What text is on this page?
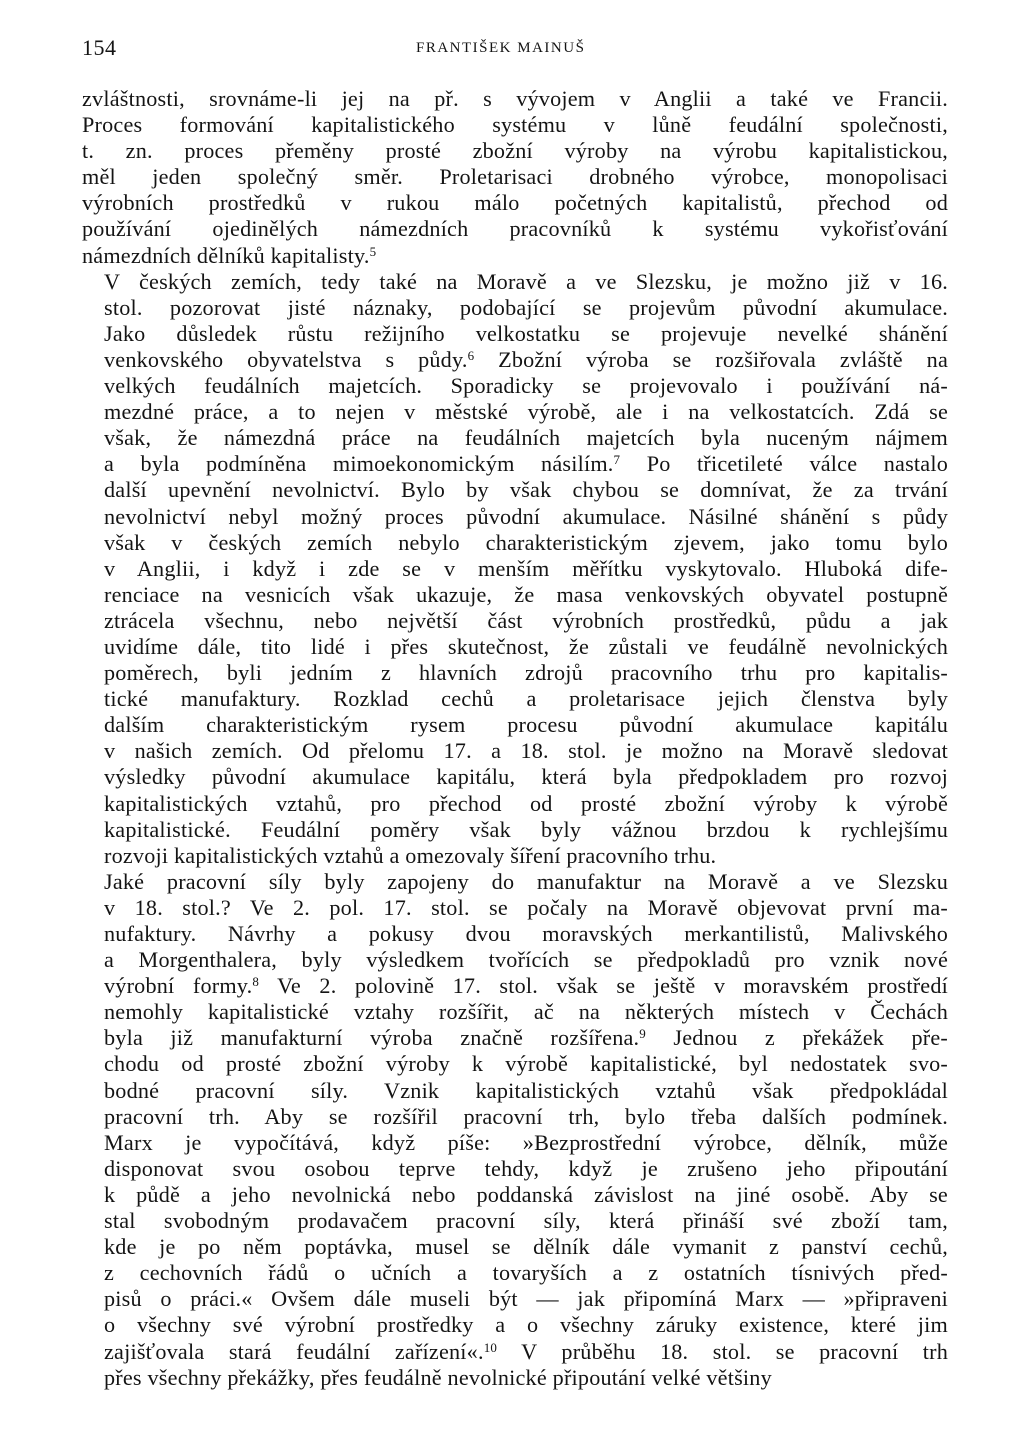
154	FRANTIŠEK MAINUŠ
zvláštnosti, srovnáme-li jej na př. s vývojem v Anglii a také ve Francii.
Proces formování kapitalistického systému v lůně feudální společnosti,
t. zn. proces přeměny prosté zbožní výroby na výrobu kapitalistickou,
měl jeden společný směr. Proletarisaci drobného výrobce, monopolisaci
výrobních prostředků v rukou málo početných kapitalistů, přechod od
používání ojedinělých námezdních pracovníků k systému vykořisťování
námezdních dělníků kapitalisty.$^5$
V českých zemích, tedy také na Moravě a ve Slezsku, je možno již v 16.
stol. pozorovat jisté náznaky, podobající se projevům původní akumulace.
Jako důsledek růstu režijního velkostatku se projevuje nevelké shánění
venkovského obyvatelstva s půdy.$^6$ Zbožní výroba se rozšiřovala zvláště na
velkých feudálních majetcích. Sporadicky se projevovalo i používání ná-
mezdné práce, a to nejen v městské výrobě, ale i na velkostatcích. Zdá se
však, že námezdná práce na feudálních majetcích byla nuceným nájmem
a byla podmíněna mimoekonomickým násilím.$^7$ Po třicetileté válce nastalo
další upevnění nevolnictví. Bylo by však chybou se domnívat, že za trvání
nevolnictví nebyl možný proces původní akumulace. Násilné shánění s půdy
však v českých zemích nebylo charakteristickým zjevem, jako tomu bylo
v Anglii, i když i zde se v menším měřítku vyskytovalo. Hluboká dife-
renciace na vesnicích však ukazuje, že masa venkovských obyvatel postupně
ztrácela všechnu, nebo největší část výrobních prostředků, půdu a jak
uvidíme dále, tito lidé i přes skutečnost, že zůstali ve feudálně nevolnických
poměrech, byli jedním z hlavních zdrojů pracovního trhu pro kapitalis-
tické manufaktury. Rozklad cechů a proletarisace jejich členstva byly
dalším charakteristickým rysem procesu původní akumulace kapitálu
v našich zemích. Od přelomu 17. a 18. stol. je možno na Moravě sledovat
výsledky původní akumulace kapitálu, která byla předpokladem pro rozvoj
kapitalistických vztahů, pro přechod od prosté zbožní výroby k výrobě
kapitalistické. Feudální poměry však byly vážnou brzdou k rychlejšímu
rozvoji kapitalistických vztahů a omezovaly šíření pracovního trhu.
Jaké pracovní síly byly zapojeny do manufaktur na Moravě a ve Slezsku
v 18. stol.? Ve 2. pol. 17. stol. se počaly na Moravě objevovat první ma-
nufaktury. Návrhy a pokusy dvou moravských merkantilistů, Malivského
a Morgenthalera, byly výsledkem tvořících se předpokladů pro vznik nové
výrobní formy.$^8$ Ve 2. polovině 17. stol. však se ještě v moravském prostředí
nemohly kapitalistické vztahy rozšířit, ač na některých místech v Čechách
byla již manufakturní výroba značně rozšířena.$^9$ Jednou z překážek pře-
chodu od prosté zbožní výroby k výrobě kapitalistické, byl nedostatek svo-
bodné pracovní síly. Vznik kapitalistických vztahů však předpokládal
pracovní trh. Aby se rozšířil pracovní trh, bylo třeba dalších podmínek.
Marx je vypočítává, když píše: »Bezprostřední výrobce, dělník, může
disponovat svou osobou teprve tehdy, když je zrušeno jeho připoutání
k půdě a jeho nevolnická nebo poddanská závislost na jiné osobě. Aby se
stal svobodným prodavačem pracovní síly, která přináší své zboží tam,
kde je po něm poptávka, musel se dělník dále vymanit z panství cechů,
z cechovních řádů o učních a tovaryších a z ostatních tísnivých před-
pisů o práci.« Ovšem dále museli být — jak připomíná Marx — »připraveni
o všechny své výrobní prostředky a o všechny záruky existence, které jim
zajišťovala stará feudální zařízení«.$^{10}$ V průběhu 18. stol. se pracovní trh
přes všechny překážky, přes feudálně nevolnické připoutání velké většiny
